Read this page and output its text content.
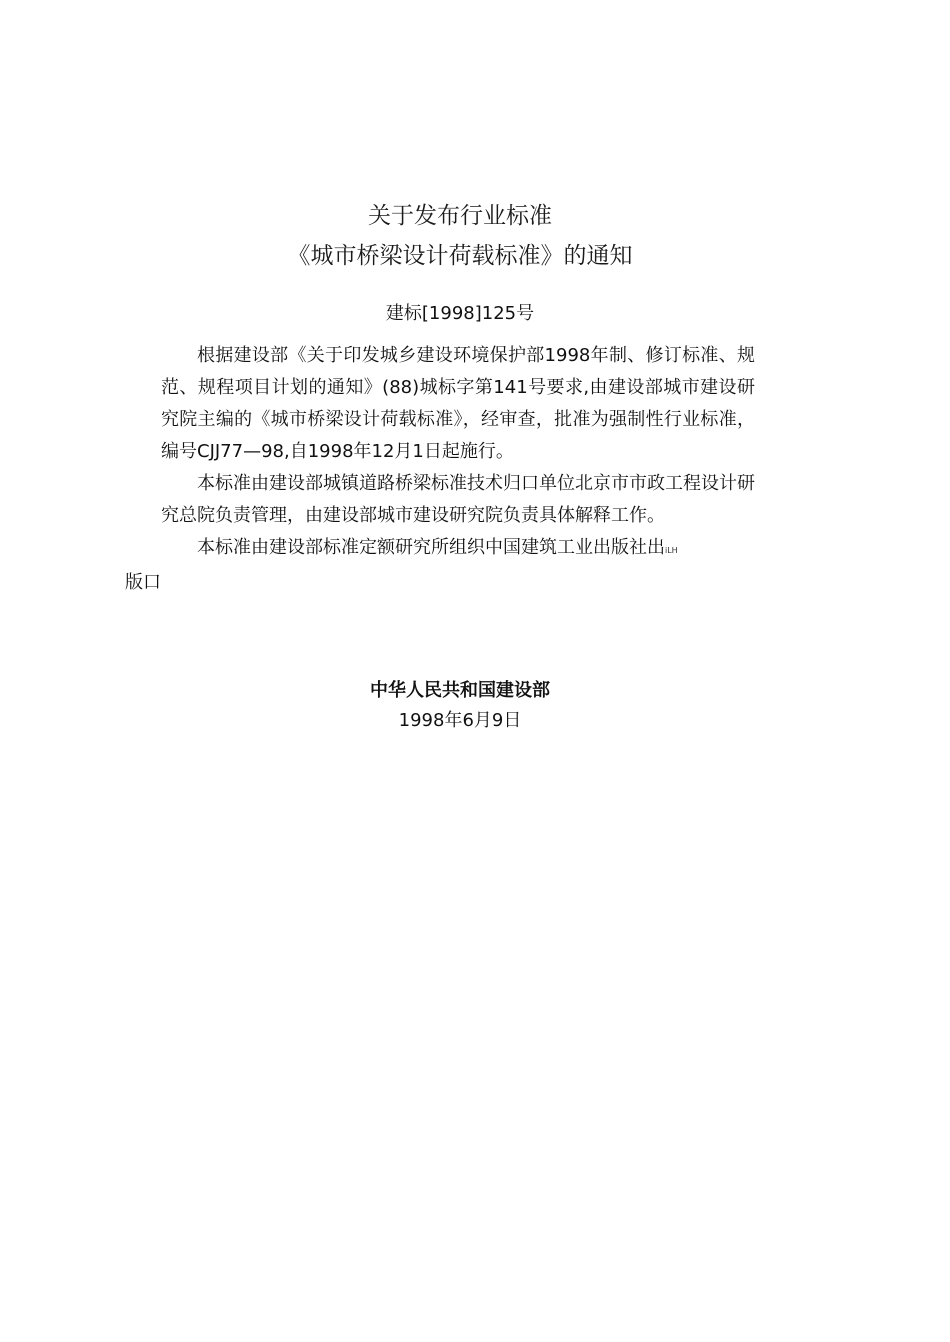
关于发布行业标准
《城市桥梁设计荷载标准》的通知
建标[1998]125号

根据建设部《关于印发城乡建设环境保护部1998年制、修订标准、规范、规程项目计划的通知》(88)城标字第141号要求,由建设部城市建设研究院主编的《城市桥梁设计荷载标准》，经审查，批准为强制性行业标准，编号CJJ77—98,自1998年12月1日起施行。

本标准由建设部城镇道路桥梁标准技术归口单位北京市市政工程设计研究总院负责管理，由建设部城市建设研究院负责具体解释工作。

本标准由建设部标准定额研究所组织中国建筑工业出版社出iLH
版口

中华人民共和国建设部
1998年6月9日
